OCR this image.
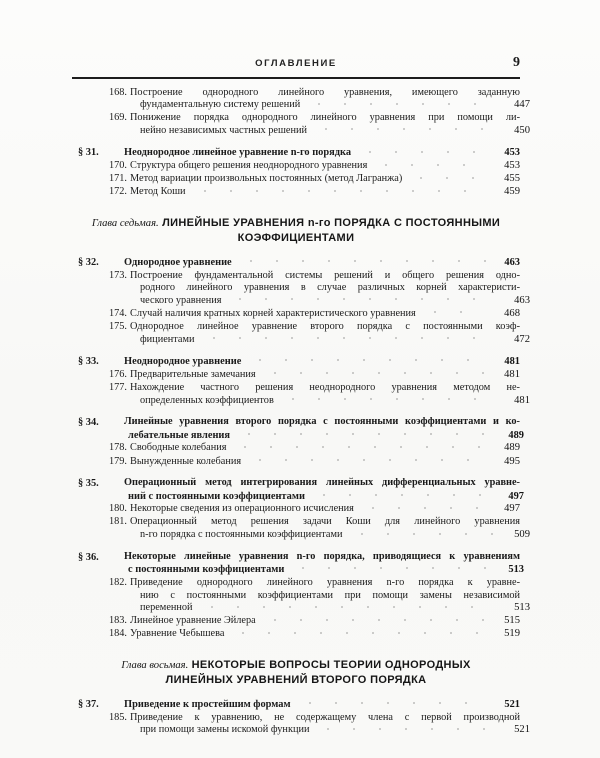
ОГЛАВЛЕНИЕ	9
168. Построение однородного линейного уравнения, имеющего заданную
фундаментальную систему решений	447
169. Понижение порядка однородного линейного уравнения при помощи ли-
нейно независимых частных решений	450
§ 31. Неоднородное линейное уравнение n-го порядка	453
170. Структура общего решения неоднородного уравнения	453
171. Метод вариации произвольных постоянных (метод Лагранжа)	455
172. Метод Коши	459
Глава седьмая. ЛИНЕЙНЫЕ УРАВНЕНИЯ n-го ПОРЯДКА С ПОСТОЯННЫМИ
КОЭФФИЦИЕНТАМИ
§ 32. Однородное уравнение	463
173. Построение фундаментальной системы решений и общего решения одно-
родного линейного уравнения в случае различных корней характеристи-
ческого уравнения	463
174. Случай наличия кратных корней характеристического уравнения	468
175. Однородное линейное уравнение второго порядка с постоянными коэф-
фициентами	472
§ 33. Неоднородное уравнение	481
176. Предварительные замечания	481
177. Нахождение частного решения неоднородного уравнения методом не-
определенных коэффициентов	481
§ 34. Линейные уравнения второго порядка с постоянными коэффициентами и ко-
лебательные явления	489
178. Свободные колебания	489
179. Вынужденные колебания	495
§ 35. Операционный метод интегрирования линейных дифференциальных уравне-
ний с постоянными коэффициентами	497
180. Некоторые сведения из операционного исчисления	497
181. Операционный метод решения задачи Коши для линейного уравнения
n-го порядка с постоянными коэффициентами	509
§ 36. Некоторые линейные уравнения n-го порядка, приводящиеся к уравнениям
с постоянными коэффициентами	513
182. Приведение однородного линейного уравнения n-го порядка к уравне-
нию с постоянными коэффициентами при помощи замены независимой
переменной	513
183. Линейное уравнение Эйлера	515
184. Уравнение Чебышева	519
Глава восьмая. НЕКОТОРЫЕ ВОПРОСЫ ТЕОРИИ ОДНОРОДНЫХ
ЛИНЕЙНЫХ УРАВНЕНИЙ ВТОРОГО ПОРЯДКА
§ 37. Приведение к простейшим формам	521
185. Приведение к уравнению, не содержащему члена с первой производной
при помощи замены искомой функции	521
